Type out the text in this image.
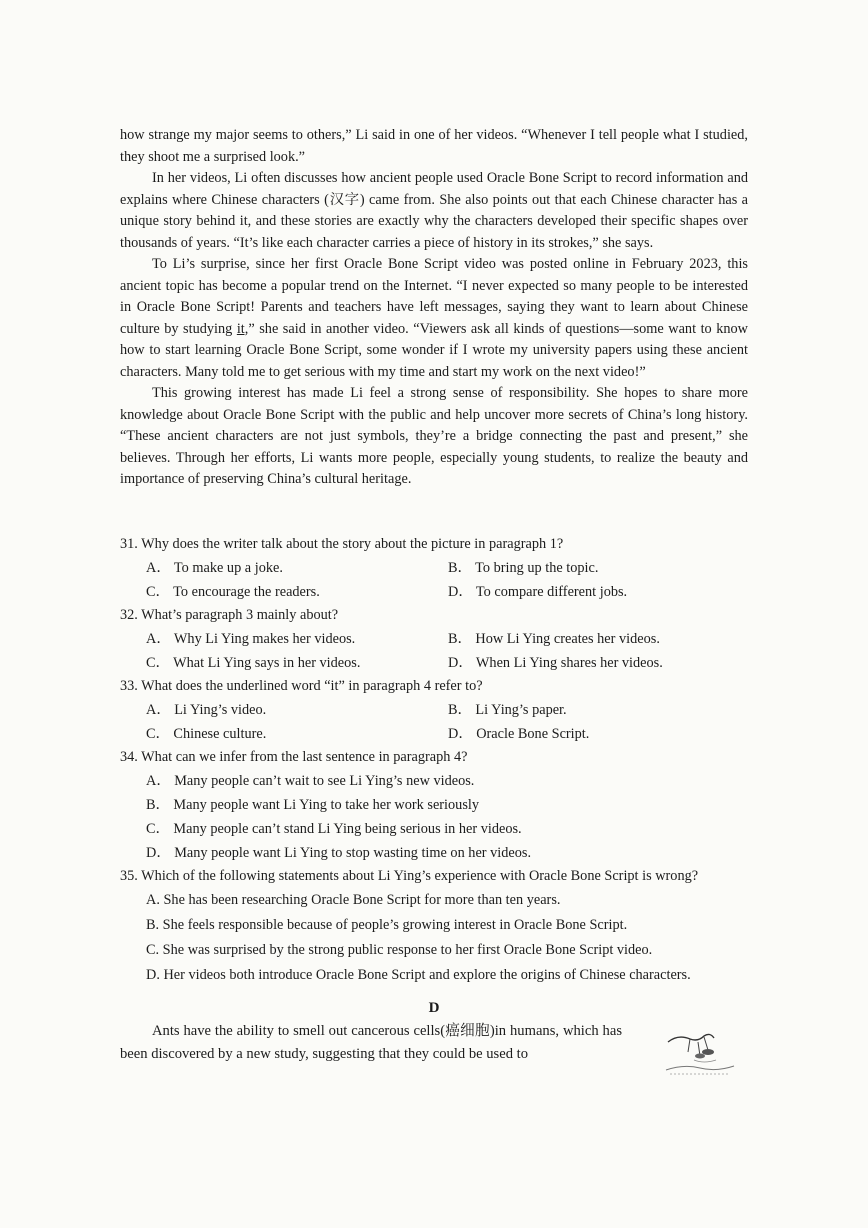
how strange my major seems to others,” Li said in one of her videos. “Whenever I tell people what I studied, they shoot me a surprised look.”

In her videos, Li often discusses how ancient people used Oracle Bone Script to record information and explains where Chinese characters (汉字) came from. She also points out that each Chinese character has a unique story behind it, and these stories are exactly why the characters developed their specific shapes over thousands of years. “It’s like each character carries a piece of history in its strokes,” she says.

To Li’s surprise, since her first Oracle Bone Script video was posted online in February 2023, this ancient topic has become a popular trend on the Internet. “I never expected so many people to be interested in Oracle Bone Script! Parents and teachers have left messages, saying they want to learn about Chinese culture by studying it,” she said in another video. “Viewers ask all kinds of questions—some want to know how to start learning Oracle Bone Script, some wonder if I wrote my university papers using these ancient characters. Many told me to get serious with my time and start my work on the next video!”

This growing interest has made Li feel a strong sense of responsibility. She hopes to share more knowledge about Oracle Bone Script with the public and help uncover more secrets of China’s long history. “These ancient characters are not just symbols, they’re a bridge connecting the past and present,” she believes. Through her efforts, Li wants more people, especially young students, to realize the beauty and importance of preserving China’s cultural heritage.

31. Why does the writer talk about the story about the picture in paragraph 1?
A． To make up a joke.	B． To bring up the topic.
C． To encourage the readers.	D． To compare different jobs.
32. What’s paragraph 3 mainly about?
A． Why Li Ying makes her videos.	B． How Li Ying creates her videos.
C． What Li Ying says in her videos.	D． When Li Ying shares her videos.
33. What does the underlined word “it” in paragraph 4 refer to?
A． Li Ying’s video.	B． Li Ying’s paper.
C． Chinese culture.	D． Oracle Bone Script.
34. What can we infer from the last sentence in paragraph 4?
A． Many people can’t wait to see Li Ying’s new videos.
B． Many people want Li Ying to take her work seriously
C． Many people can’t stand Li Ying being serious in her videos.
D． Many people want Li Ying to stop wasting time on her videos.
35. Which of the following statements about Li Ying’s experience with Oracle Bone Script is wrong?
A. She has been researching Oracle Bone Script for more than ten years.
B. She feels responsible because of people’s growing interest in Oracle Bone Script.
C. She was surprised by the strong public response to her first Oracle Bone Script video.
D. Her videos both introduce Oracle Bone Script and explore the origins of Chinese characters.
D

Ants have the ability to smell out cancerous cells(癌细胞)in humans, which has been discovered by a new study, suggesting that they could be used to
